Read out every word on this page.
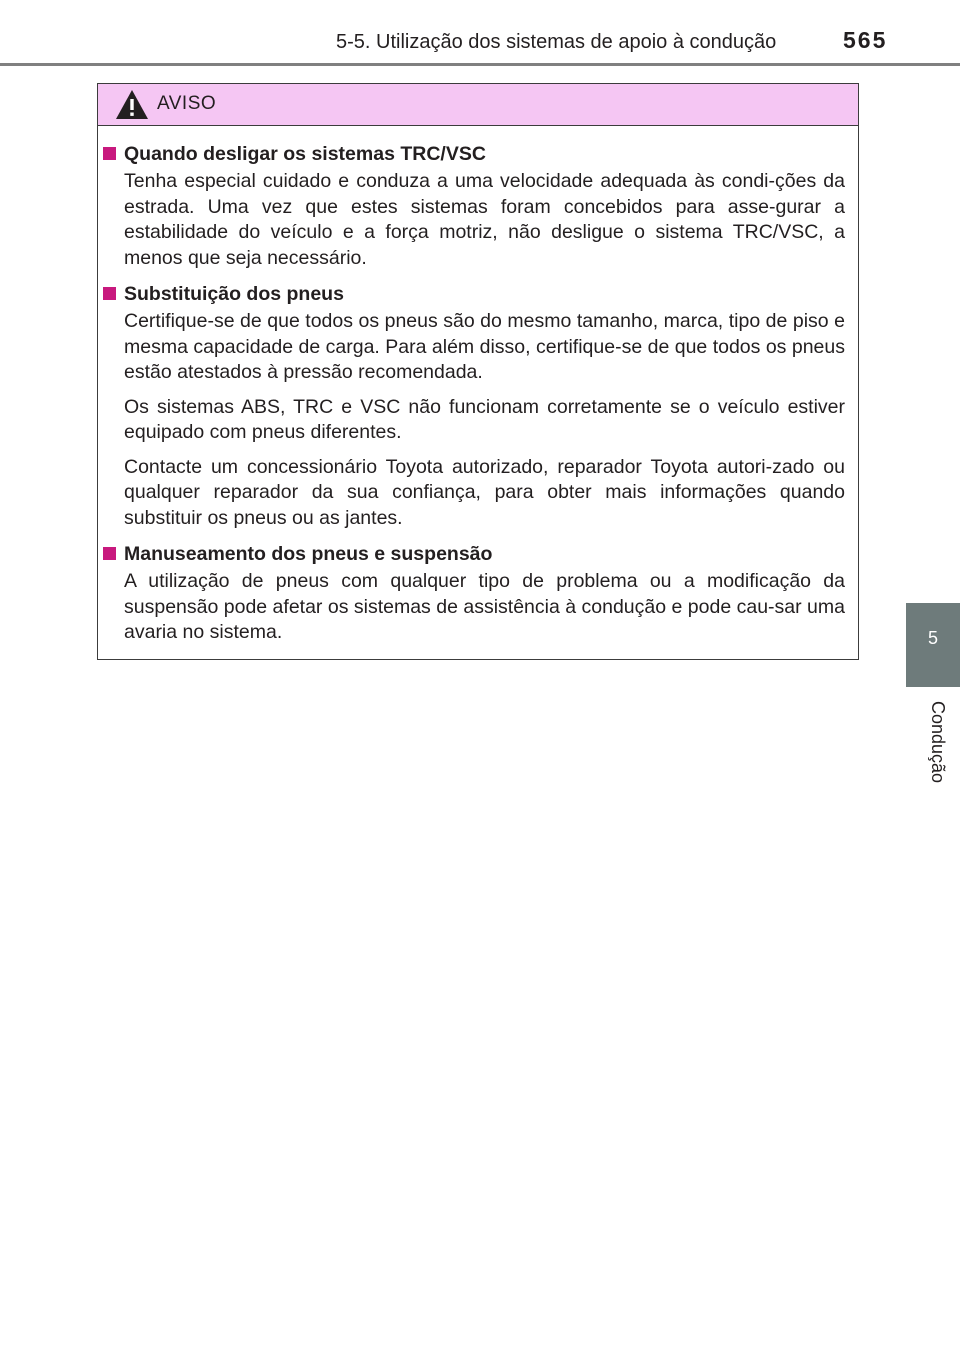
5-5. Utilização dos sistemas de apoio à condução	565
5
Condução
AVISO
Quando desligar os sistemas TRC/VSC

Tenha especial cuidado e conduza a uma velocidade adequada às condi-ções da estrada. Uma vez que estes sistemas foram concebidos para asse-gurar a estabilidade do veículo e a força motriz, não desligue o sistema TRC/VSC, a menos que seja necessário.

Substituição dos pneus

Certifique-se de que todos os pneus são do mesmo tamanho, marca, tipo de piso e mesma capacidade de carga. Para além disso, certifique-se de que todos os pneus estão atestados à pressão recomendada.

Os sistemas ABS, TRC e VSC não funcionam corretamente se o veículo estiver equipado com pneus diferentes.

Contacte um concessionário Toyota autorizado, reparador Toyota autori-zado ou qualquer reparador da sua confiança, para obter mais informações quando substituir os pneus ou as jantes.

Manuseamento dos pneus e suspensão

A utilização de pneus com qualquer tipo de problema ou a modificação da suspensão pode afetar os sistemas de assistência à condução e pode cau-sar uma avaria no sistema.
